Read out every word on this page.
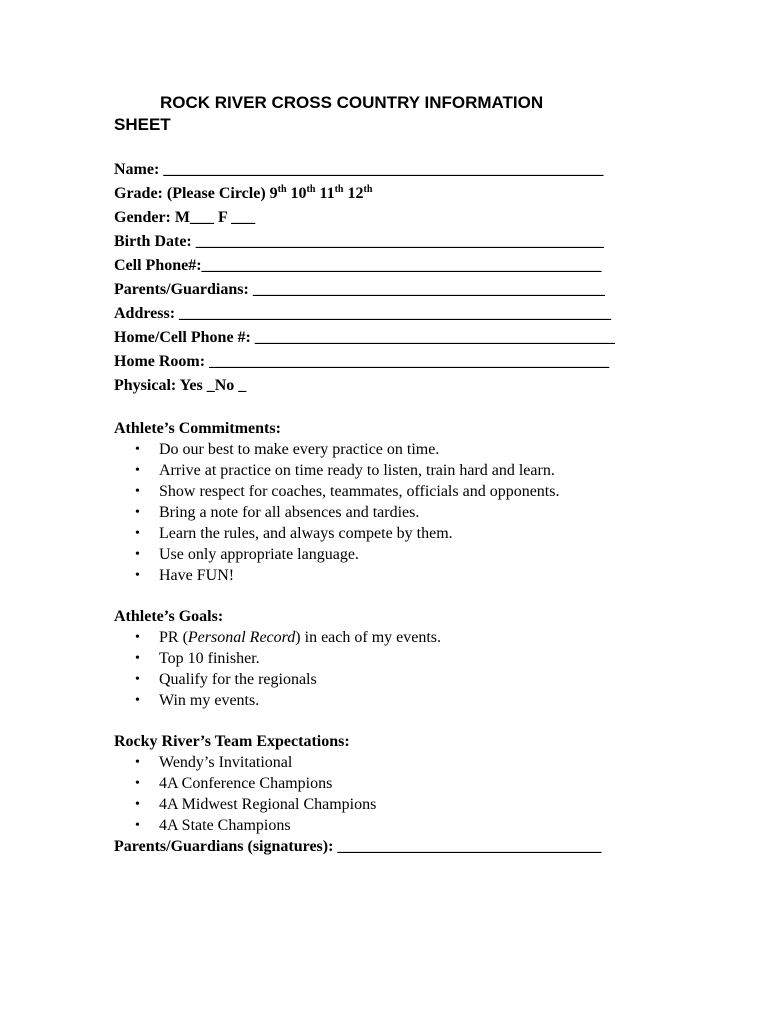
ROCK RIVER CROSS COUNTRY INFORMATION
SHEET
Name: _______________________________________________________
Grade: (Please Circle) 9th 10th 11th 12th
Gender: M___ F ___
Birth Date: ___________________________________________________
Cell Phone#:__________________________________________________
Parents/Guardians: ____________________________________________
Address: ______________________________________________________
Home/Cell Phone #: _____________________________________________
Home Room: __________________________________________________
Physical: Yes _No _
Athlete’s Commitments:
• Do our best to make every practice on time.
• Arrive at practice on time ready to listen, train hard and learn.
• Show respect for coaches, teammates, officials and opponents.
• Bring a note for all absences and tardies.
• Learn the rules, and always compete by them.
• Use only appropriate language.
• Have FUN!
Athlete’s Goals:
• PR (Personal Record) in each of my events.
• Top 10 finisher.
• Qualify for the regionals
• Win my events.
Rocky River’s Team Expectations:
• Wendy’s Invitational
• 4A Conference Champions
• 4A Midwest Regional Champions
• 4A State Champions
Parents/Guardians (signatures): _________________________________
